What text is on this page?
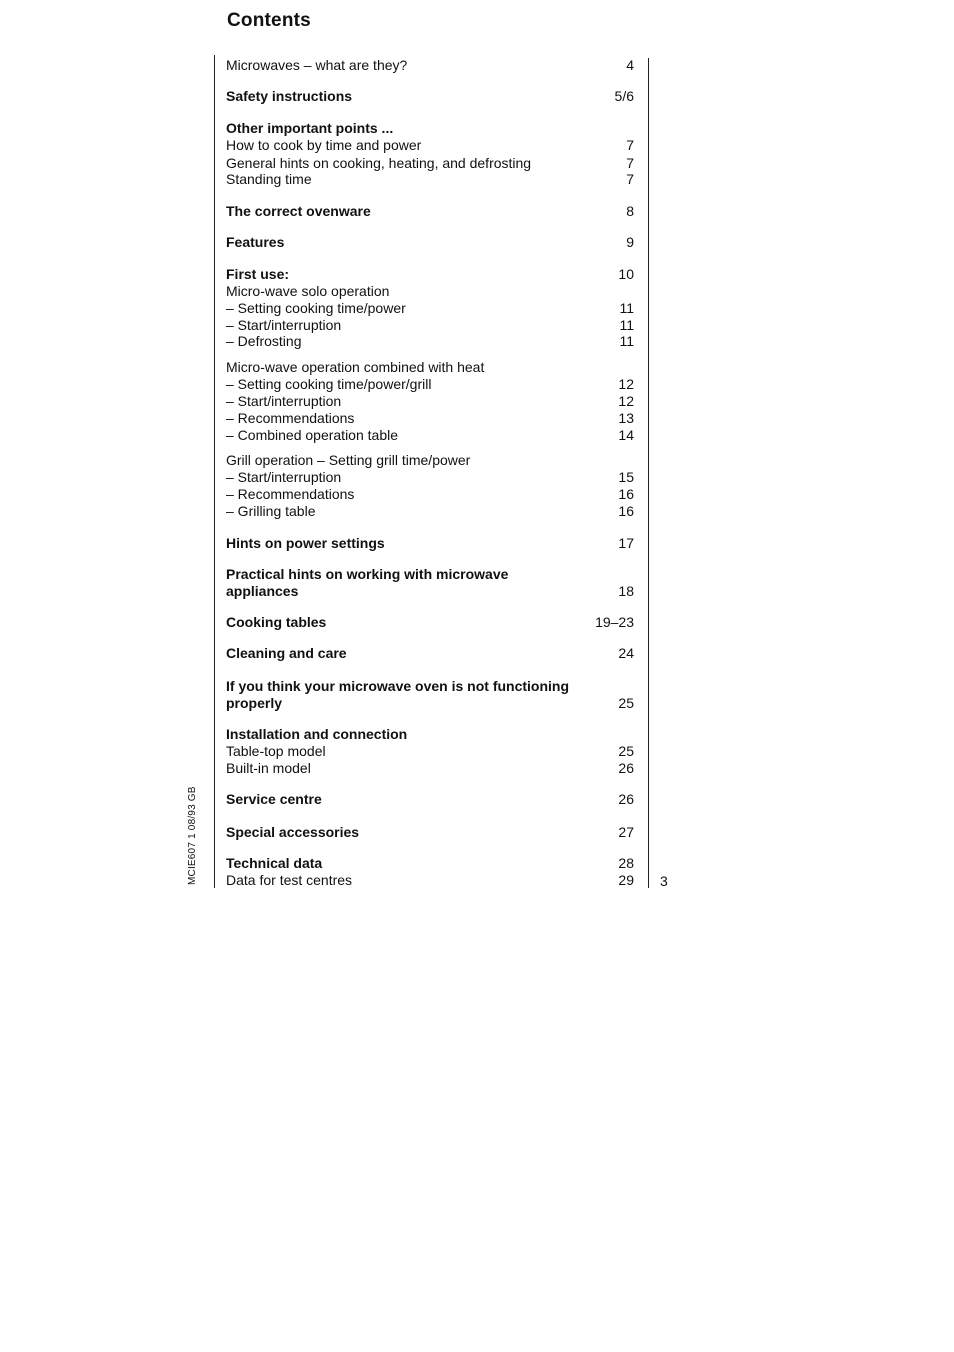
Contents
3
MCIE607 1 08/93 GB
Microwaves – what are they?	4
Safety instructions	5/6
Other important points ...
How to cook by time and power	7
General hints on cooking, heating, and defrosting	7
Standing time	7
The correct ovenware	8
Features	9
First use:	10
Micro-wave solo operation
– Setting cooking time/power	11
– Start/interruption	11
– Defrosting	11
Micro-wave operation combined with heat
– Setting cooking time/power/grill	12
– Start/interruption	12
– Recommendations	13
– Combined operation table	14
Grill operation – Setting grill time/power
– Start/interruption	15
– Recommendations	16
– Grilling table	16
Hints on power settings	17
Practical hints on working with microwave appliances	18
Cooking tables	19–23
Cleaning and care	24
If you think your microwave oven is not functioning properly	25
Installation and connection
Table-top model	25
Built-in model	26
Service centre	26
Special accessories	27
Technical data	28
Data for test centres	29
